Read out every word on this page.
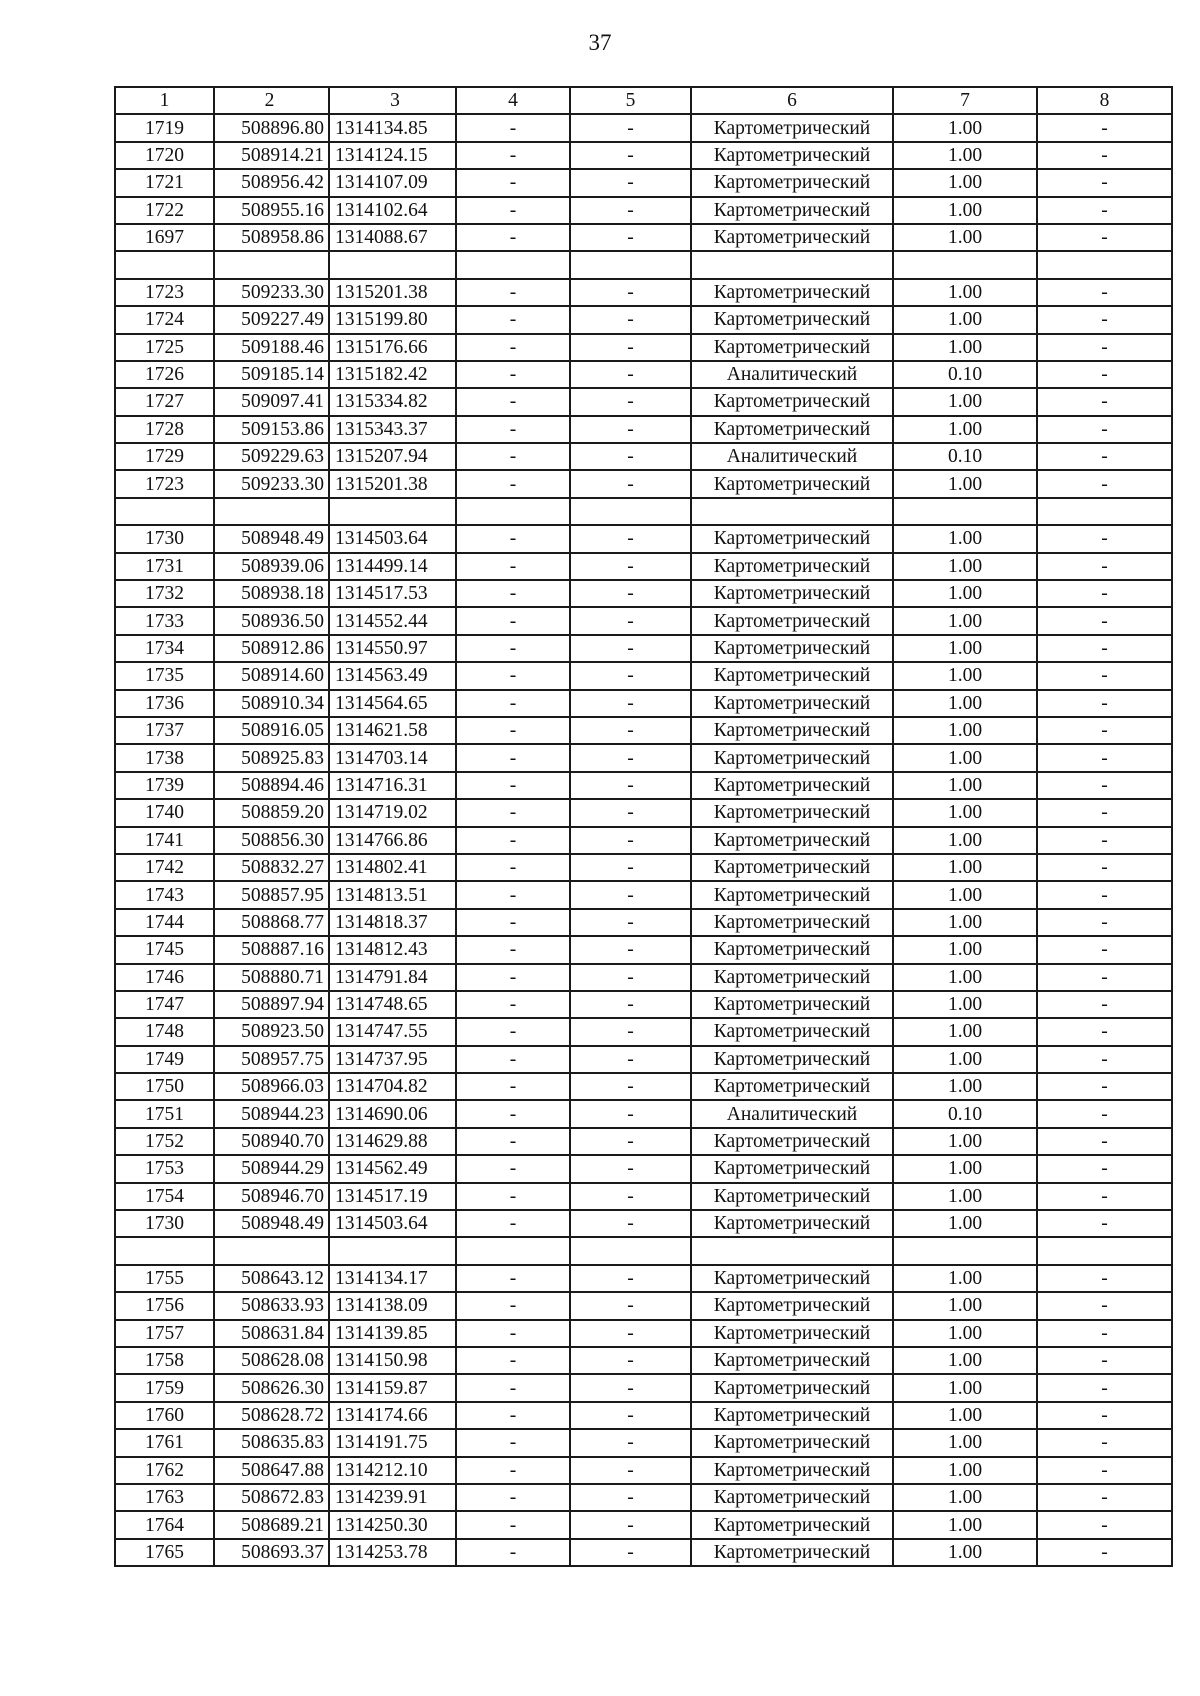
37
1	2	3	4	5	6	7	8
1719	508896.80	1314134.85	-	-	Картометрический	1.00	-
1720	508914.21	1314124.15	-	-	Картометрический	1.00	-
1721	508956.42	1314107.09	-	-	Картометрический	1.00	-
1722	508955.16	1314102.64	-	-	Картометрический	1.00	-
1697	508958.86	1314088.67	-	-	Картометрический	1.00	-

1723	509233.30	1315201.38	-	-	Картометрический	1.00	-
1724	509227.49	1315199.80	-	-	Картометрический	1.00	-
1725	509188.46	1315176.66	-	-	Картометрический	1.00	-
1726	509185.14	1315182.42	-	-	Аналитический	0.10	-
1727	509097.41	1315334.82	-	-	Картометрический	1.00	-
1728	509153.86	1315343.37	-	-	Картометрический	1.00	-
1729	509229.63	1315207.94	-	-	Аналитический	0.10	-
1723	509233.30	1315201.38	-	-	Картометрический	1.00	-

1730	508948.49	1314503.64	-	-	Картометрический	1.00	-
1731	508939.06	1314499.14	-	-	Картометрический	1.00	-
1732	508938.18	1314517.53	-	-	Картометрический	1.00	-
1733	508936.50	1314552.44	-	-	Картометрический	1.00	-
1734	508912.86	1314550.97	-	-	Картометрический	1.00	-
1735	508914.60	1314563.49	-	-	Картометрический	1.00	-
1736	508910.34	1314564.65	-	-	Картометрический	1.00	-
1737	508916.05	1314621.58	-	-	Картометрический	1.00	-
1738	508925.83	1314703.14	-	-	Картометрический	1.00	-
1739	508894.46	1314716.31	-	-	Картометрический	1.00	-
1740	508859.20	1314719.02	-	-	Картометрический	1.00	-
1741	508856.30	1314766.86	-	-	Картометрический	1.00	-
1742	508832.27	1314802.41	-	-	Картометрический	1.00	-
1743	508857.95	1314813.51	-	-	Картометрический	1.00	-
1744	508868.77	1314818.37	-	-	Картометрический	1.00	-
1745	508887.16	1314812.43	-	-	Картометрический	1.00	-
1746	508880.71	1314791.84	-	-	Картометрический	1.00	-
1747	508897.94	1314748.65	-	-	Картометрический	1.00	-
1748	508923.50	1314747.55	-	-	Картометрический	1.00	-
1749	508957.75	1314737.95	-	-	Картометрический	1.00	-
1750	508966.03	1314704.82	-	-	Картометрический	1.00	-
1751	508944.23	1314690.06	-	-	Аналитический	0.10	-
1752	508940.70	1314629.88	-	-	Картометрический	1.00	-
1753	508944.29	1314562.49	-	-	Картометрический	1.00	-
1754	508946.70	1314517.19	-	-	Картометрический	1.00	-
1730	508948.49	1314503.64	-	-	Картометрический	1.00	-

1755	508643.12	1314134.17	-	-	Картометрический	1.00	-
1756	508633.93	1314138.09	-	-	Картометрический	1.00	-
1757	508631.84	1314139.85	-	-	Картометрический	1.00	-
1758	508628.08	1314150.98	-	-	Картометрический	1.00	-
1759	508626.30	1314159.87	-	-	Картометрический	1.00	-
1760	508628.72	1314174.66	-	-	Картометрический	1.00	-
1761	508635.83	1314191.75	-	-	Картометрический	1.00	-
1762	508647.88	1314212.10	-	-	Картометрический	1.00	-
1763	508672.83	1314239.91	-	-	Картометрический	1.00	-
1764	508689.21	1314250.30	-	-	Картометрический	1.00	-
1765	508693.37	1314253.78	-	-	Картометрический	1.00	-
